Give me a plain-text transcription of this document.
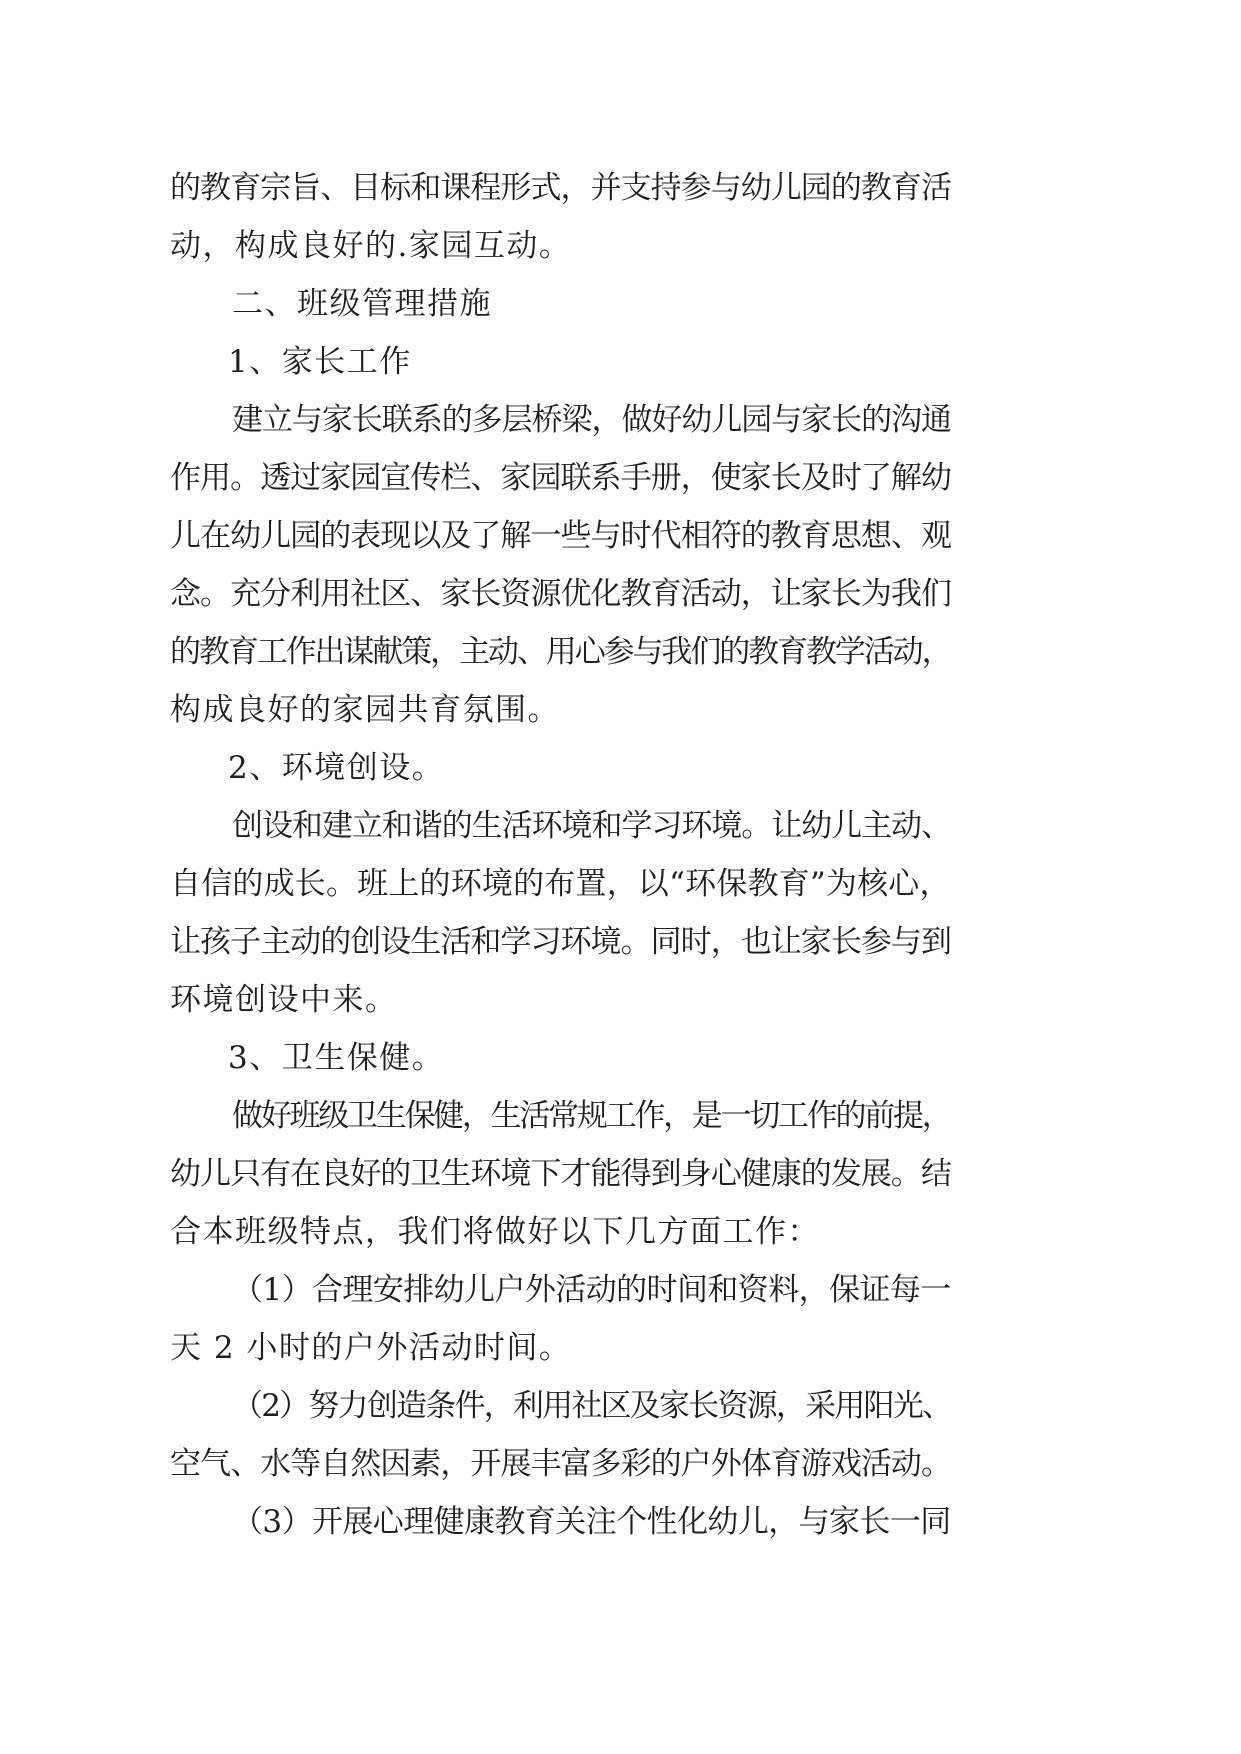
的教育宗旨、目标和课程形式，并支持参与幼儿园的教育活
动，构成良好的.家园互动。
二、班级管理措施
1、家长工作
建立与家长联系的多层桥梁，做好幼儿园与家长的沟通
作用。透过家园宣传栏、家园联系手册，使家长及时了解幼
儿在幼儿园的表现以及了解一些与时代相符的教育思想、观
念。充分利用社区、家长资源优化教育活动，让家长为我们
的教育工作出谋献策，主动、用心参与我们的教育教学活动，
构成良好的家园共育氛围。
2、环境创设。
创设和建立和谐的生活环境和学习环境。让幼儿主动、
自信的成长。班上的环境的布置，以“环保教育”为核心，
让孩子主动的创设生活和学习环境。同时，也让家长参与到
环境创设中来。
3、卫生保健。
做好班级卫生保健，生活常规工作，是一切工作的前提，
幼儿只有在良好的卫生环境下才能得到身心健康的发展。结
合本班级特点，我们将做好以下几方面工作：
（1）合理安排幼儿户外活动的时间和资料，保证每一
天 2 小时的户外活动时间。
（2）努力创造条件，利用社区及家长资源，采用阳光、
空气、水等自然因素，开展丰富多彩的户外体育游戏活动。
（3）开展心理健康教育关注个性化幼儿，与家长一同
